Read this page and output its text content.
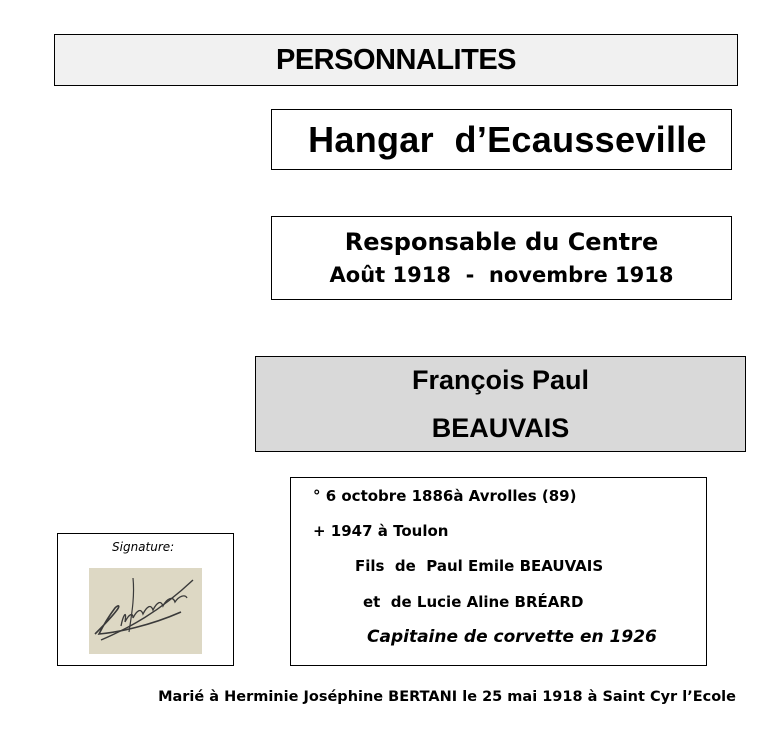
PERSONNALITES
Hangar  d’Ecausseville
Responsable du Centre
Août 1918  -  novembre 1918
François Paul
BEAUVAIS
° 6 octobre 1886à Avrolles (89)
+ 1947 à Toulon
Fils  de  Paul Emile BEAUVAIS
et  de Lucie Aline BRÉARD
Capitaine de corvette en 1926
Signature:
Marié à Herminie Joséphine BERTANI le 25 mai 1918 à Saint Cyr l’Ecole
